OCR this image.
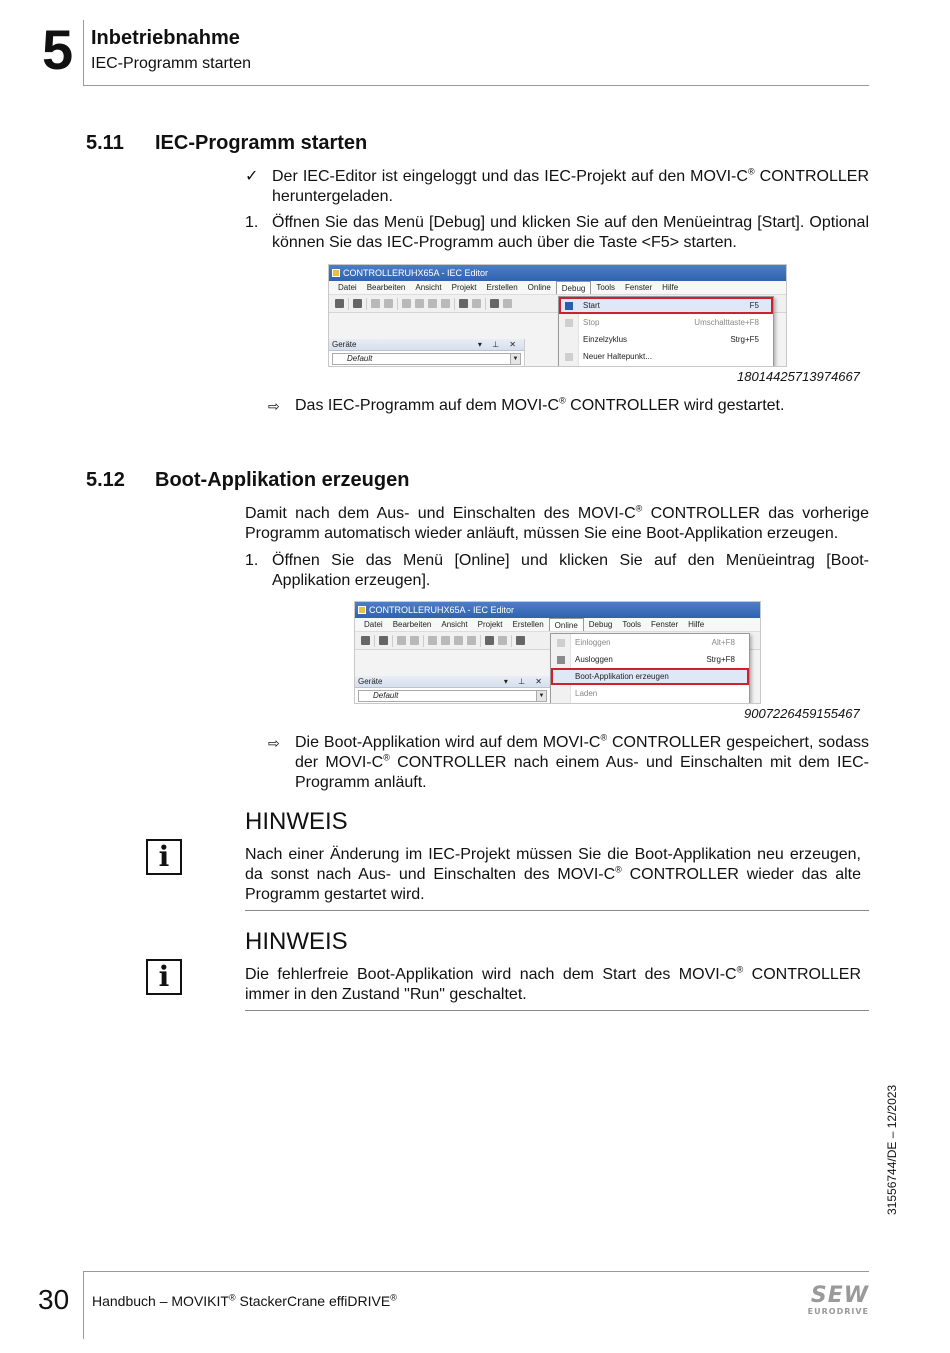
5 Inbetriebnahme
IEC-Programm starten
5.11 IEC-Programm starten
✓ Der IEC-Editor ist eingeloggt und das IEC-Projekt auf den MOVI-C® CONTROLLER heruntergeladen.
1. Öffnen Sie das Menü [Debug] und klicken Sie auf den Menüeintrag [Start]. Optional können Sie das IEC-Programm auch über die Taste <F5> starten.
CONTROLLERUHX65A - IEC Editor
Datei	Bearbeiten	Ansicht	Projekt	Erstellen	Online	Debug	Tools	Fenster	Hilfe
Geräte	▾ ⊥ ✕
Default	▼
Start	F5
Stop	Umschalttaste+F8
Einzelzyklus	Strg+F5
Neuer Haltepunkt...
18014425713974667
⇨ Das IEC-Programm auf dem MOVI-C® CONTROLLER wird gestartet.
5.12 Boot-Applikation erzeugen
Damit nach dem Aus- und Einschalten des MOVI-C® CONTROLLER das vorherige Programm automatisch wieder anläuft, müssen Sie eine Boot-Applikation erzeugen.
1. Öffnen Sie das Menü [Online] und klicken Sie auf den Menüeintrag [Boot-Applikation erzeugen].
CONTROLLERUHX65A - IEC Editor
Datei	Bearbeiten	Ansicht	Projekt	Erstellen	Online	Debug	Tools	Fenster	Hilfe
Geräte	▾ ⊥ ✕
Default	▼
Einloggen	Alt+F8
Ausloggen	Strg+F8
Boot-Applikation erzeugen
Laden
9007226459155467
⇨ Die Boot-Applikation wird auf dem MOVI-C® CONTROLLER gespeichert, sodass der MOVI-C® CONTROLLER nach einem Aus- und Einschalten mit dem IEC-Programm anläuft.
HINWEIS
i	Nach einer Änderung im IEC-Projekt müssen Sie die Boot-Applikation neu erzeugen, da sonst nach Aus- und Einschalten des MOVI-C® CONTROLLER wieder das alte Programm gestartet wird.
HINWEIS
i	Die fehlerfreie Boot-Applikation wird nach dem Start des MOVI-C® CONTROLLER immer in den Zustand "Run" geschaltet.
31556744/DE – 12/2023
30 Handbuch – MOVIKIT® StackerCrane effiDRIVE®	SEW
EURODRIVE
